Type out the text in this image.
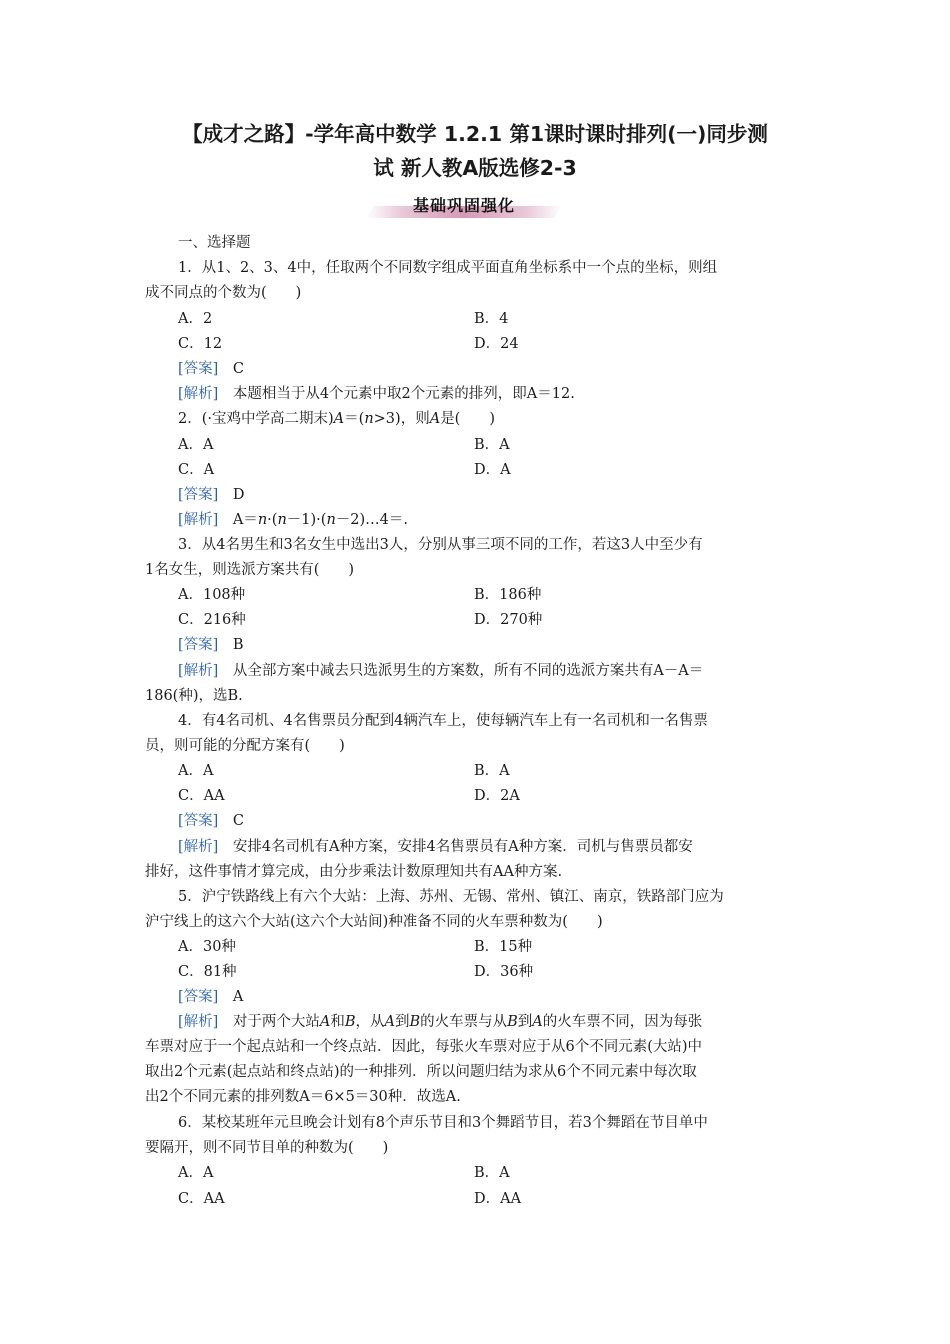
【成才之路】-学年高中数学 1.2.1 第1课时课时排列(一)同步测
试 新人教A版选修2-3
基础巩固强化
一、选择题
1．从1、2、3、4中，任取两个不同数字组成平面直角坐标系中一个点的坐标，则组
成不同点的个数为(　　)
A．2	B．4
C．12	D．24
[答案]　 C
[解析]　 本题相当于从4个元素中取2个元素的排列，即A＝12.
2．(·宝鸡中学高二期末)A＝(n>3)，则A是(　　)
A．A	B．A
C．A	D．A
[答案]　 D
[解析]　 A＝n·(n－1)·(n－2)…4＝.
3．从4名男生和3名女生中选出3人，分别从事三项不同的工作，若这3人中至少有
1名女生，则选派方案共有(　　)
A．108种	B．186种
C．216种	D．270种
[答案]　 B
[解析]　 从全部方案中减去只选派男生的方案数，所有不同的选派方案共有A－A＝
186(种)，选B.
4．有4名司机、4名售票员分配到4辆汽车上，使每辆汽车上有一名司机和一名售票
员，则可能的分配方案有(　　)
A．A	B．A
C．AA	D．2A
[答案]　 C
[解析]　 安排4名司机有A种方案，安排4名售票员有A种方案．司机与售票员都安
排好，这件事情才算完成，由分步乘法计数原理知共有AA种方案.
5．沪宁铁路线上有六个大站：上海、苏州、无锡、常州、镇江、南京，铁路部门应为
沪宁线上的这六个大站(这六个大站间)种准备不同的火车票种数为(　　)
A．30种	B．15种
C．81种	D．36种
[答案]　 A
[解析]　 对于两个大站A和B，从A到B的火车票与从B到A的火车票不同，因为每张
车票对应于一个起点站和一个终点站．因此，每张火车票对应于从6个不同元素(大站)中
取出2个元素(起点站和终点站)的一种排列．所以问题归结为求从6个不同元素中每次取
出2个不同元素的排列数A＝6×5＝30种．故选A.
6．某校某班年元旦晚会计划有8个声乐节目和3个舞蹈节目，若3个舞蹈在节目单中
要隔开，则不同节目单的种数为(　　)
A．A	B．A
C．AA	D．AA
